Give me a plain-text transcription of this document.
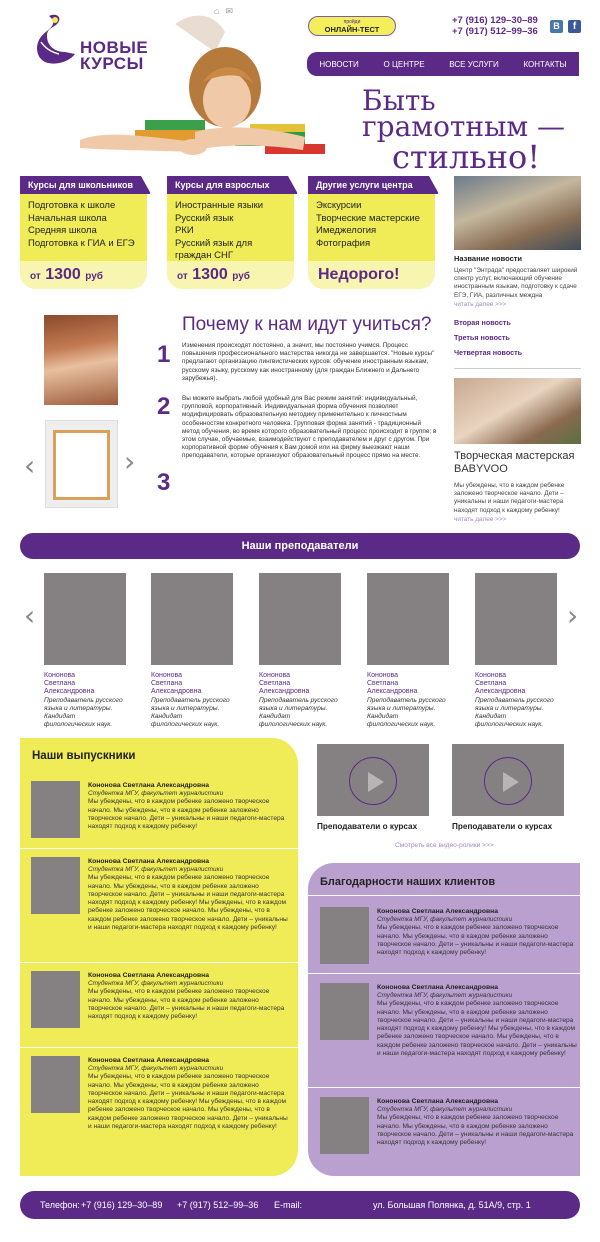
НОВЫЕ
КУРСЫ
⌂ ✉
пройди
ОНЛАЙН-ТЕСТ
+7 (916) 129–30–89
+7 (917) 512–99–36	B	f
НОВОСТИ	О ЦЕНТРЕ	ВСЕ УСЛУГИ	КОНТАКТЫ
Быть
грамотным —
стильно!
Курсы для школьников
Подготовка к школе
Начальная школа
Средняя школа
Подготовка к ГИА и ЕГЭ
от 1300 руб
Курсы для взрослых
Иностранные языки
Русский язык
РКИ
Русский язык для
граждан СНГ
от 1300 руб
Другие услуги центра
Экскурсии
Творческие мастерские
Имеджелогия
Фотография
Недорого!
Название новости
Центр "Энтрада" предоставляет широкий спектр услуг, включающий обучение иностранным языкам, подготовку к сдаче ЕГЭ, ГИА, различных межднa
читать далее >>>
Вторая новость
Третья новость
Четвертая новость
Творческая мастерская BABYVOO
Мы убеждены, что в каждом ребенке заложено творческое начало. Дети – уникальны и наши педагоги-мастера находят подход к каждому ребенку!
читать далее >>>
‹	›
Почему к нам идут учиться?
1 Изменения происходят постоянно, а значит, мы постоянно учимся. Процесс повышения профессионального мастерства никогда не завершается. "Новые курсы" предлагают организацию лингвистических курсов: обучение иностранным языкам, русскому языку, русскому как иностранному (для граждан Ближнего и Дальнего зарубежья).
2 Вы можете выбрать любой удобный для Вас режим занятий: индивидуальный, групповой, корпоративный. Индивидуальная форма обучения позволяет модифицировать образовательную методику применительно к личностным особенностям конкретного человека. Групповая форма занятий - традиционный метод обучения, во время которого образовательный процесс происходит в группе; в этом случае, обучаемые, взаимодействуют с преподавателем и друг с другом. При корпоративной форме обучения к Вам домой или на фирму выезжают наши преподаватели, которые организуют образовательный процесс прямо на месте.
3
Наши преподаватели
‹	›
Кононова
Светлана Александровна
Преподаватель русского языка и литературы. Кандидат филологических наук.
Кононова
Светлана Александровна
Преподаватель русского языка и литературы. Кандидат филологических наук.
Кононова
Светлана Александровна
Преподаватель русского языка и литературы. Кандидат филологических наук.
Кононова
Светлана Александровна
Преподаватель русского языка и литературы. Кандидат филологических наук.
Кононова
Светлана Александровна
Преподаватель русского языка и литературы. Кандидат филологических наук.
Наши выпускники
Кононова Светлана Александровна
Студентка МГУ, факультет журналистики
Мы убеждены, что в каждом ребенке заложено творческое начало. Мы убеждены, что в каждом ребенке заложено творческое начало. Дети – уникальны и наши педагоги-мастера находят подход к каждому ребенку!
Кононова Светлана Александровна
Студентка МГУ, факультет журналистики
Мы убеждены, что в каждом ребенке заложено творческое начало. Мы убеждены, что в каждом ребенке заложено творческое начало. Дети – уникальны и наши педагоги-мастера находят подход к каждому ребенку! Мы убеждены, что в каждом ребенке заложено творческое начало. Мы убеждены, что в каждом ребенке заложено творческое начало. Дети – уникальны и наши педагоги-мастера находят подход к каждому ребенку!
Кононова Светлана Александровна
Студентка МГУ, факультет журналистики
Мы убеждены, что в каждом ребенке заложено творческое начало. Мы убеждены, что в каждом ребенке заложено творческое начало. Дети – уникальны и наши педагоги-мастера находят подход к каждому ребенку!
Кононова Светлана Александровна
Студентка МГУ, факультет журналистики
Мы убеждены, что в каждом ребенке заложено творческое начало. Мы убеждены, что в каждом ребенке заложено творческое начало. Дети – уникальны и наши педагоги-мастера находят подход к каждому ребенку! Мы убеждены, что в каждом ребенке заложено творческое начало. Мы убеждены, что в каждом ребенке заложено творческое начало. Дети – уникальны и наши педагоги-мастера находят подход к каждому ребенку!
Преподаватели о курсах	Преподаватели о курсах
Смотреть все видео-ролики >>>
Благодарности наших клиентов
Кононова Светлана Александровна
Студентка МГУ, факультет журналистики
Мы убеждены, что в каждом ребенке заложено творческое начало. Мы убеждены, что в каждом ребенке заложено творческое начало. Дети – уникальны и наши педагоги-мастера находят подход к каждому ребенку!
Кононова Светлана Александровна
Студентка МГУ, факультет журналистики
Мы убеждены, что в каждом ребенке заложено творческое начало. Мы убеждены, что в каждом ребенке заложено творческое начало. Дети – уникальны и наши педагоги-мастера находят подход к каждому ребенку! Мы убеждены, что в каждом ребенке заложено творческое начало. Мы убеждены, что в каждом ребенке заложено творческое начало. Дети – уникальны и наши педагоги-мастера находят подход к каждому ребенку!
Кононова Светлана Александровна
Студентка МГУ, факультет журналистики
Мы убеждены, что в каждом ребенке заложено творческое начало. Мы убеждены, что в каждом ребенке заложено творческое начало. Дети – уникальны и наши педагоги-мастера находят подход к каждому ребенку!
Телефон: +7 (916) 129–30–89 +7 (917) 512–99–36 E-mail:	ул. Большая Полянка, д. 51А/9, стр. 1
